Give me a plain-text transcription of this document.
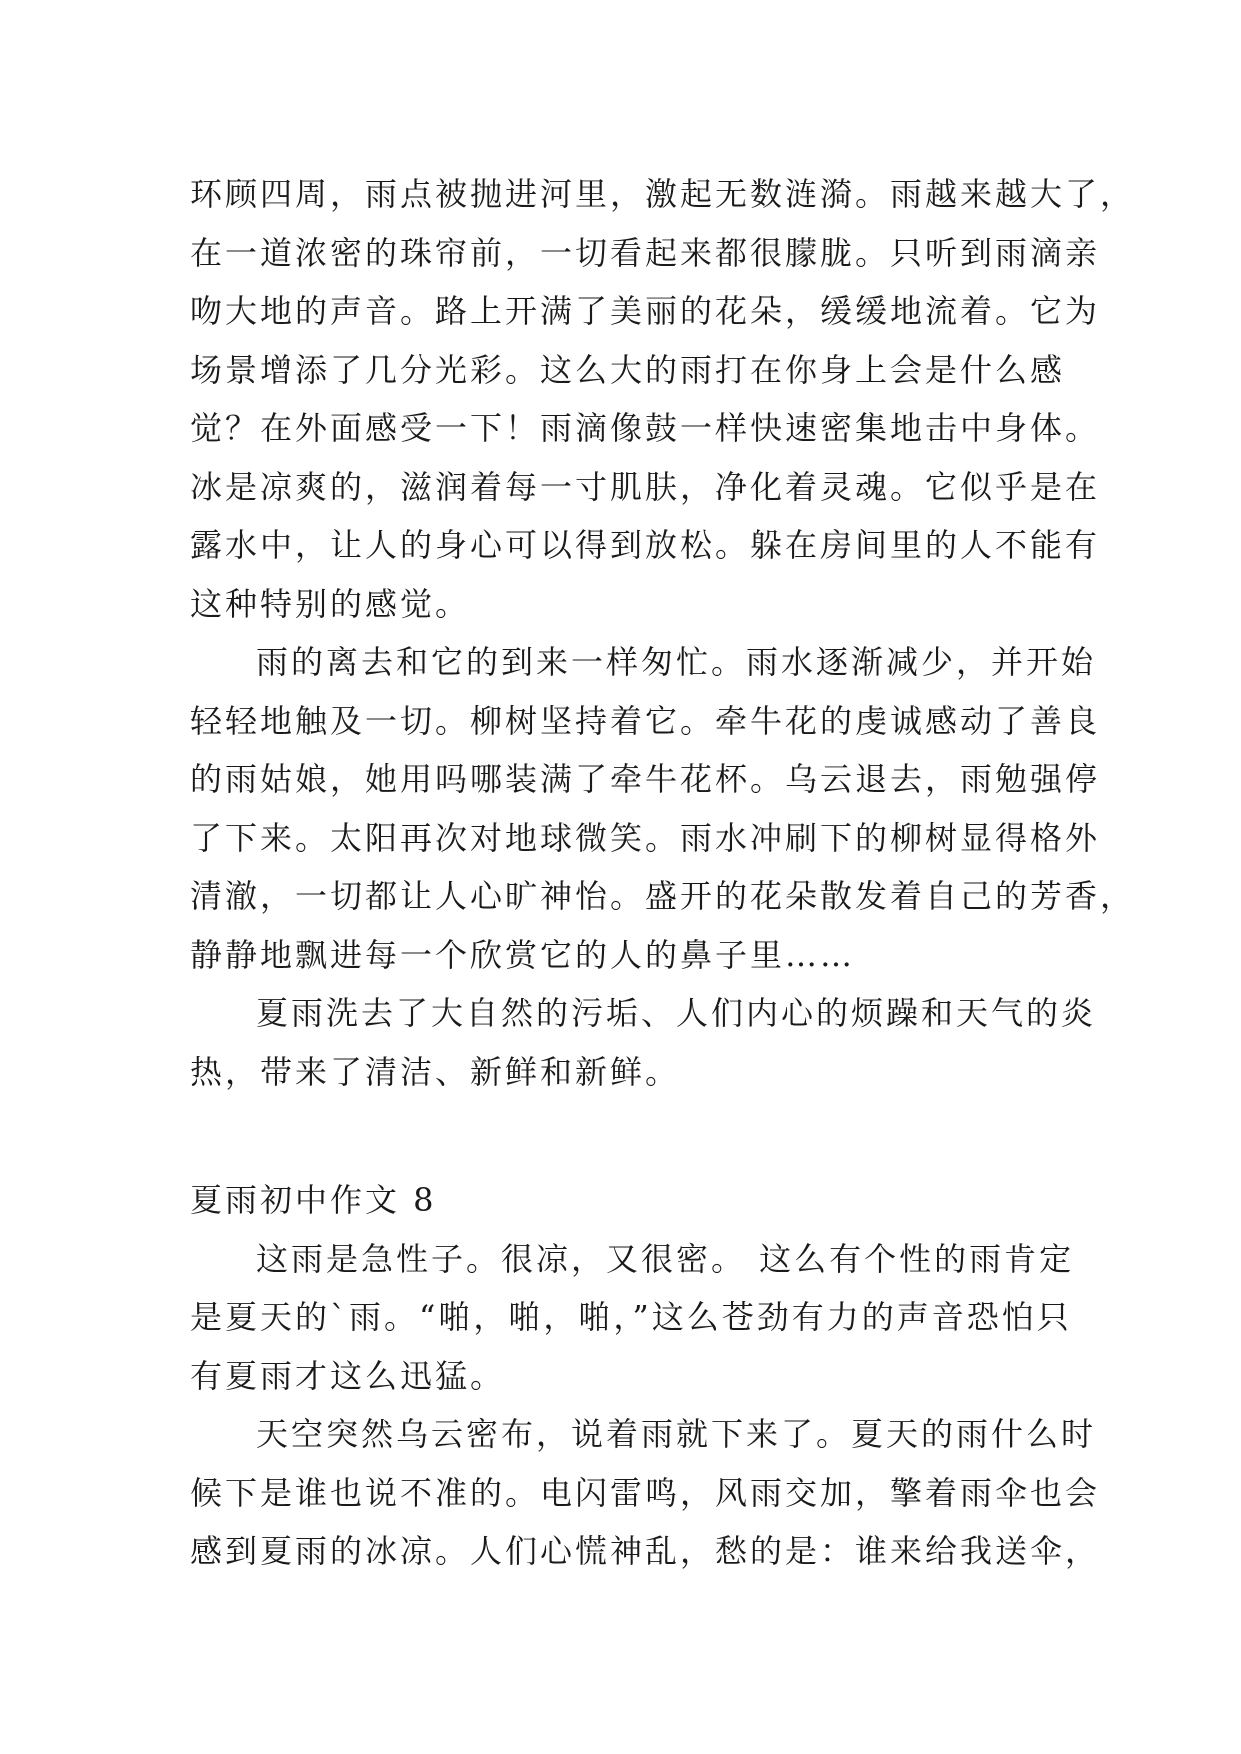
环顾四周，雨点被抛进河里，激起无数涟漪。雨越来越大了，
在一道浓密的珠帘前，一切看起来都很朦胧。只听到雨滴亲
吻大地的声音。路上开满了美丽的花朵，缓缓地流着。它为
场景增添了几分光彩。这么大的雨打在你身上会是什么感
觉？在外面感受一下！雨滴像鼓一样快速密集地击中身体。
冰是凉爽的，滋润着每一寸肌肤，净化着灵魂。它似乎是在
露水中，让人的身心可以得到放松。躲在房间里的人不能有
这种特别的感觉。
雨的离去和它的到来一样匆忙。雨水逐渐减少，并开始
轻轻地触及一切。柳树坚持着它。牵牛花的虔诚感动了善良
的雨姑娘，她用吗哪装满了牵牛花杯。乌云退去，雨勉强停
了下来。太阳再次对地球微笑。雨水冲刷下的柳树显得格外
清澈，一切都让人心旷神怡。盛开的花朵散发着自己的芳香，
静静地飘进每一个欣赏它的人的鼻子里……
夏雨洗去了大自然的污垢、人们内心的烦躁和天气的炎
热，带来了清洁、新鲜和新鲜。
夏雨初中作文 8
这雨是急性子。很凉，又很密。 这么有个性的雨肯定
是夏天的`雨。“啪，啪，啪，”这么苍劲有力的声音恐怕只
有夏雨才这么迅猛。
天空突然乌云密布，说着雨就下来了。夏天的雨什么时
候下是谁也说不准的。电闪雷鸣，风雨交加，擎着雨伞也会
感到夏雨的冰凉。人们心慌神乱，愁的是：谁来给我送伞，
